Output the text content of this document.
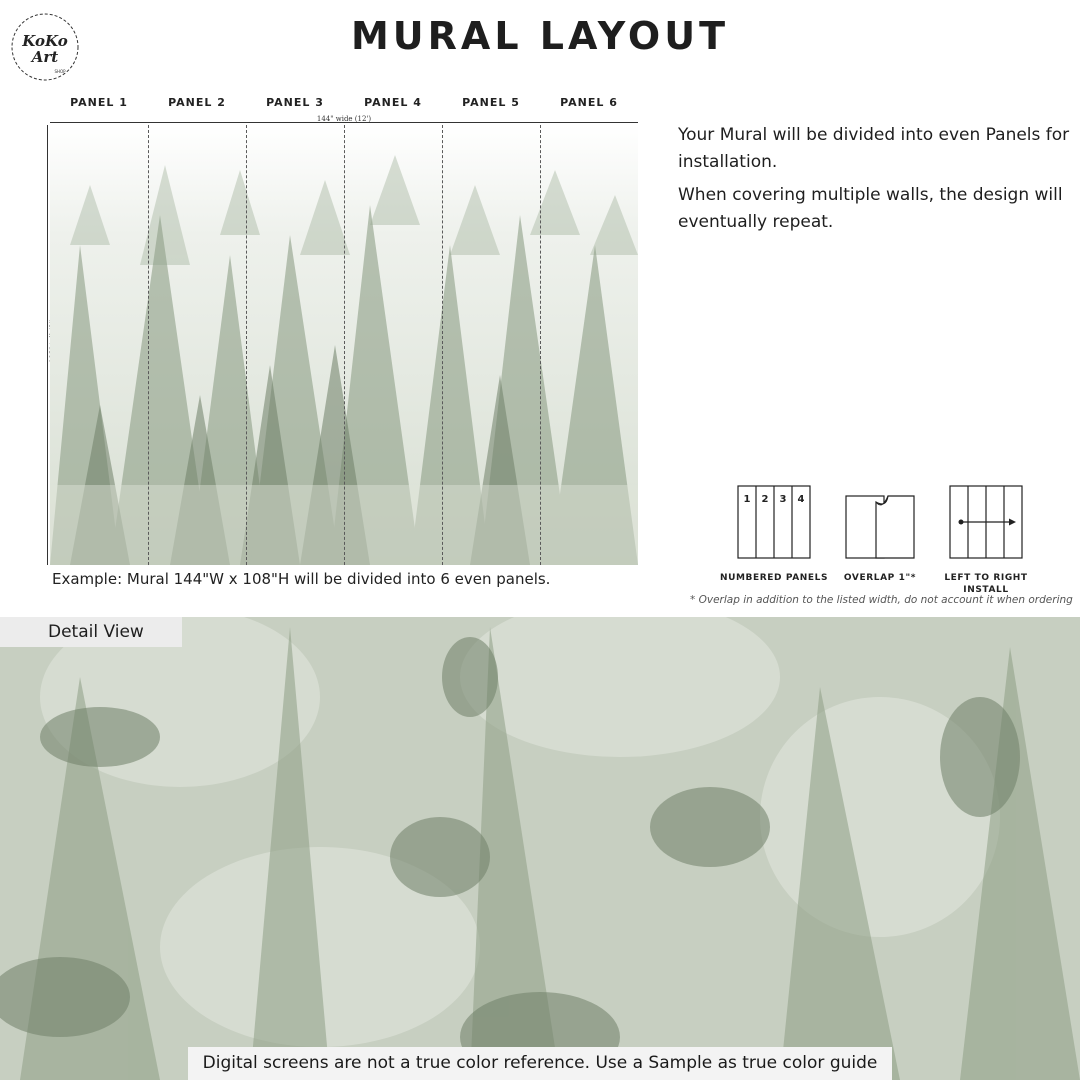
KoKo
Art
SHOP
MURAL LAYOUT
PANEL 1	PANEL 2	PANEL 3	PANEL 4	PANEL 5	PANEL 6
144" wide (12')
Example: Mural 144"W x 108"H will be divided into 6 even panels.

Your Mural will be divided into even Panels for installation.

When covering multiple walls, the design will eventually repeat.

1 2 3 4
NUMBERED PANELS	OVERLAP 1"*	LEFT TO RIGHT
INSTALL
* Overlap in addition to the listed width, do not account it when ordering
Detail View
Digital screens are not a true color reference. Use a Sample as true color guide
